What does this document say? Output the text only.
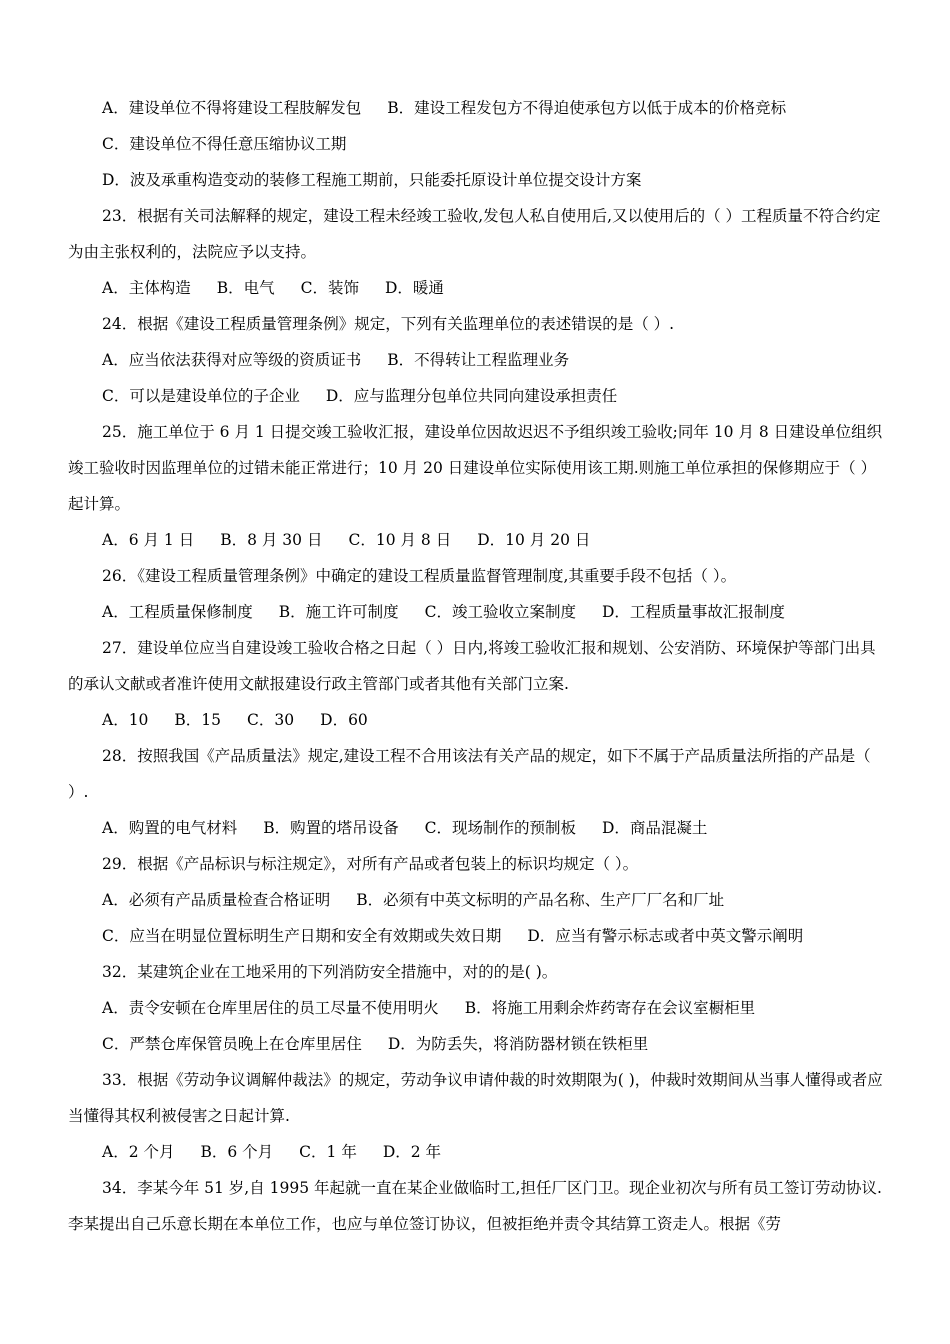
A．建设单位不得将建设工程肢解发包 B．建设工程发包方不得迫使承包方以低于成本的价格竞标
C．建设单位不得任意压缩协议工期
D．波及承重构造变动的装修工程施工期前，只能委托原设计单位提交设计方案
23．根据有关司法解释的规定，建设工程未经竣工验收,发包人私自使用后,又以使用后的（ ）工程质量不符合约定为由主张权利的，法院应予以支持。
A．主体构造 B．电气 C．装饰 D．暖通
24．根据《建设工程质量管理条例》规定，下列有关监理单位的表述错误的是（ ）.
A．应当依法获得对应等级的资质证书 B．不得转让工程监理业务
C．可以是建设单位的子企业 D．应与监理分包单位共同向建设承担责任
25．施工单位于 6 月 1 日提交竣工验收汇报，建设单位因故迟迟不予组织竣工验收;同年 10 月 8 日建设单位组织竣工验收时因监理单位的过错未能正常进行；10 月 20 日建设单位实际使用该工期.则施工单位承担的保修期应于（ ）起计算。
A．6 月 1 日 B．8 月 30 日 C．10 月 8 日 D．10 月 20 日
26．《建设工程质量管理条例》中确定的建设工程质量监督管理制度,其重要手段不包括（ ）。
A．工程质量保修制度 B．施工许可制度 C．竣工验收立案制度 D．工程质量事故汇报制度
27．建设单位应当自建设竣工验收合格之日起（ ）日内,将竣工验收汇报和规划、公安消防、环境保护等部门出具的承认文献或者准许使用文献报建设行政主管部门或者其他有关部门立案.
A．10 B．15 C．30 D．60
28．按照我国《产品质量法》规定,建设工程不合用该法有关产品的规定，如下不属于产品质量法所指的产品是（ ）.
A．购置的电气材料 B．购置的塔吊设备 C．现场制作的预制板 D．商品混凝土
29．根据《产品标识与标注规定》，对所有产品或者包装上的标识均规定（ ）。
A．必须有产品质量检查合格证明 B．必须有中英文标明的产品名称、生产厂厂名和厂址
C．应当在明显位置标明生产日期和安全有效期或失效日期 D．应当有警示标志或者中英文警示阐明
32．某建筑企业在工地采用的下列消防安全措施中，对的的是( )。
A．责令安顿在仓库里居住的员工尽量不使用明火 B．将施工用剩余炸药寄存在会议室橱柜里
C．严禁仓库保管员晚上在仓库里居住 D．为防丢失，将消防器材锁在铁柜里
33．根据《劳动争议调解仲裁法》的规定，劳动争议申请仲裁的时效期限为( )，仲裁时效期间从当事人懂得或者应当懂得其权利被侵害之日起计算.
A．2 个月 B．6 个月 C．1 年 D．2 年
34．李某今年 51 岁,自 1995 年起就一直在某企业做临时工,担任厂区门卫。现企业初次与所有员工签订劳动协议.李某提出自己乐意长期在本单位工作，也应与单位签订协议，但被拒绝并责令其结算工资走人。根据《劳
